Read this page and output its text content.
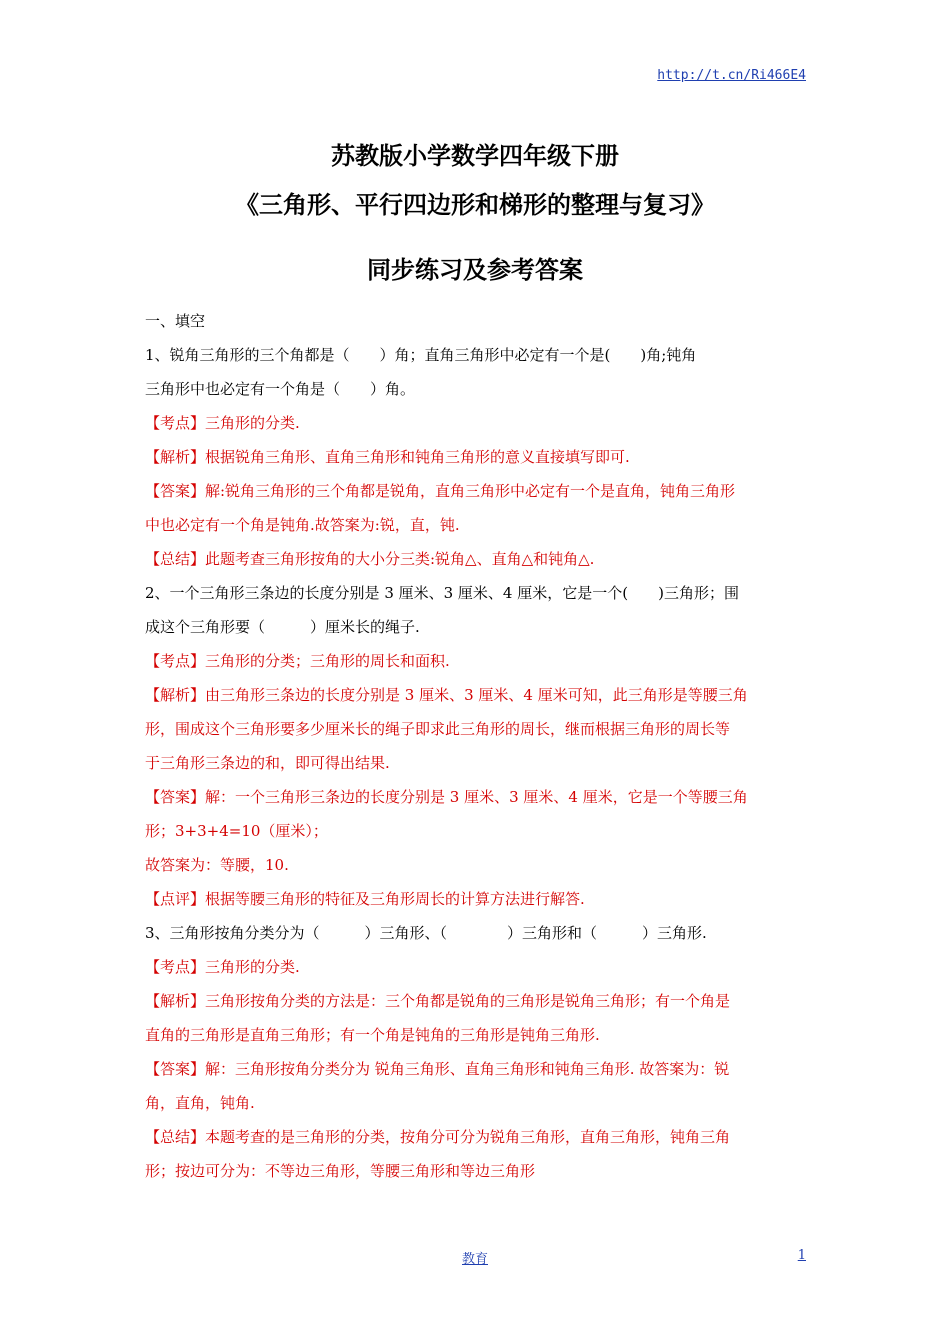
http://t.cn/Ri466E4
苏教版小学数学四年级下册
《三角形、平行四边形和梯形的整理与复习》
同步练习及参考答案
一、填空
1、锐角三角形的三个角都是（　　）角；直角三角形中必定有一个是(　　)角;钝角
三角形中也必定有一个角是（　　）角。
【考点】三角形的分类.
【解析】根据锐角三角形、直角三角形和钝角三角形的意义直接填写即可.
【答案】解:锐角三角形的三个角都是锐角，直角三角形中必定有一个是直角，钝角三角形
中也必定有一个角是钝角.故答案为:锐，直，钝.
【总结】此题考查三角形按角的大小分三类:锐角△、直角△和钝角△.
2、一个三角形三条边的长度分别是 3 厘米、3 厘米、4 厘米，它是一个(　　)三角形；围
成这个三角形要（　　　）厘米长的绳子.
【考点】三角形的分类；三角形的周长和面积.
【解析】由三角形三条边的长度分别是 3 厘米、3 厘米、4 厘米可知，此三角形是等腰三角
形，围成这个三角形要多少厘米长的绳子即求此三角形的周长，继而根据三角形的周长等
于三角形三条边的和，即可得出结果.
【答案】解：一个三角形三条边的长度分别是 3 厘米、3 厘米、4 厘米，它是一个等腰三角
形；3+3+4=10（厘米）；
故答案为：等腰，10.
【点评】根据等腰三角形的特征及三角形周长的计算方法进行解答.
3、三角形按角分类分为（　　　）三角形、（　　　　）三角形和（　　　）三角形.
【考点】三角形的分类.
【解析】三角形按角分类的方法是：三个角都是锐角的三角形是锐角三角形；有一个角是
直角的三角形是直角三角形；有一个角是钝角的三角形是钝角三角形.
【答案】解：三角形按角分类分为 锐角三角形、直角三角形和钝角三角形. 故答案为：锐
角，直角，钝角.
【总结】本题考查的是三角形的分类，按角分可分为锐角三角形，直角三角形，钝角三角
形；按边可分为：不等边三角形，等腰三角形和等边三角形
教育	1
